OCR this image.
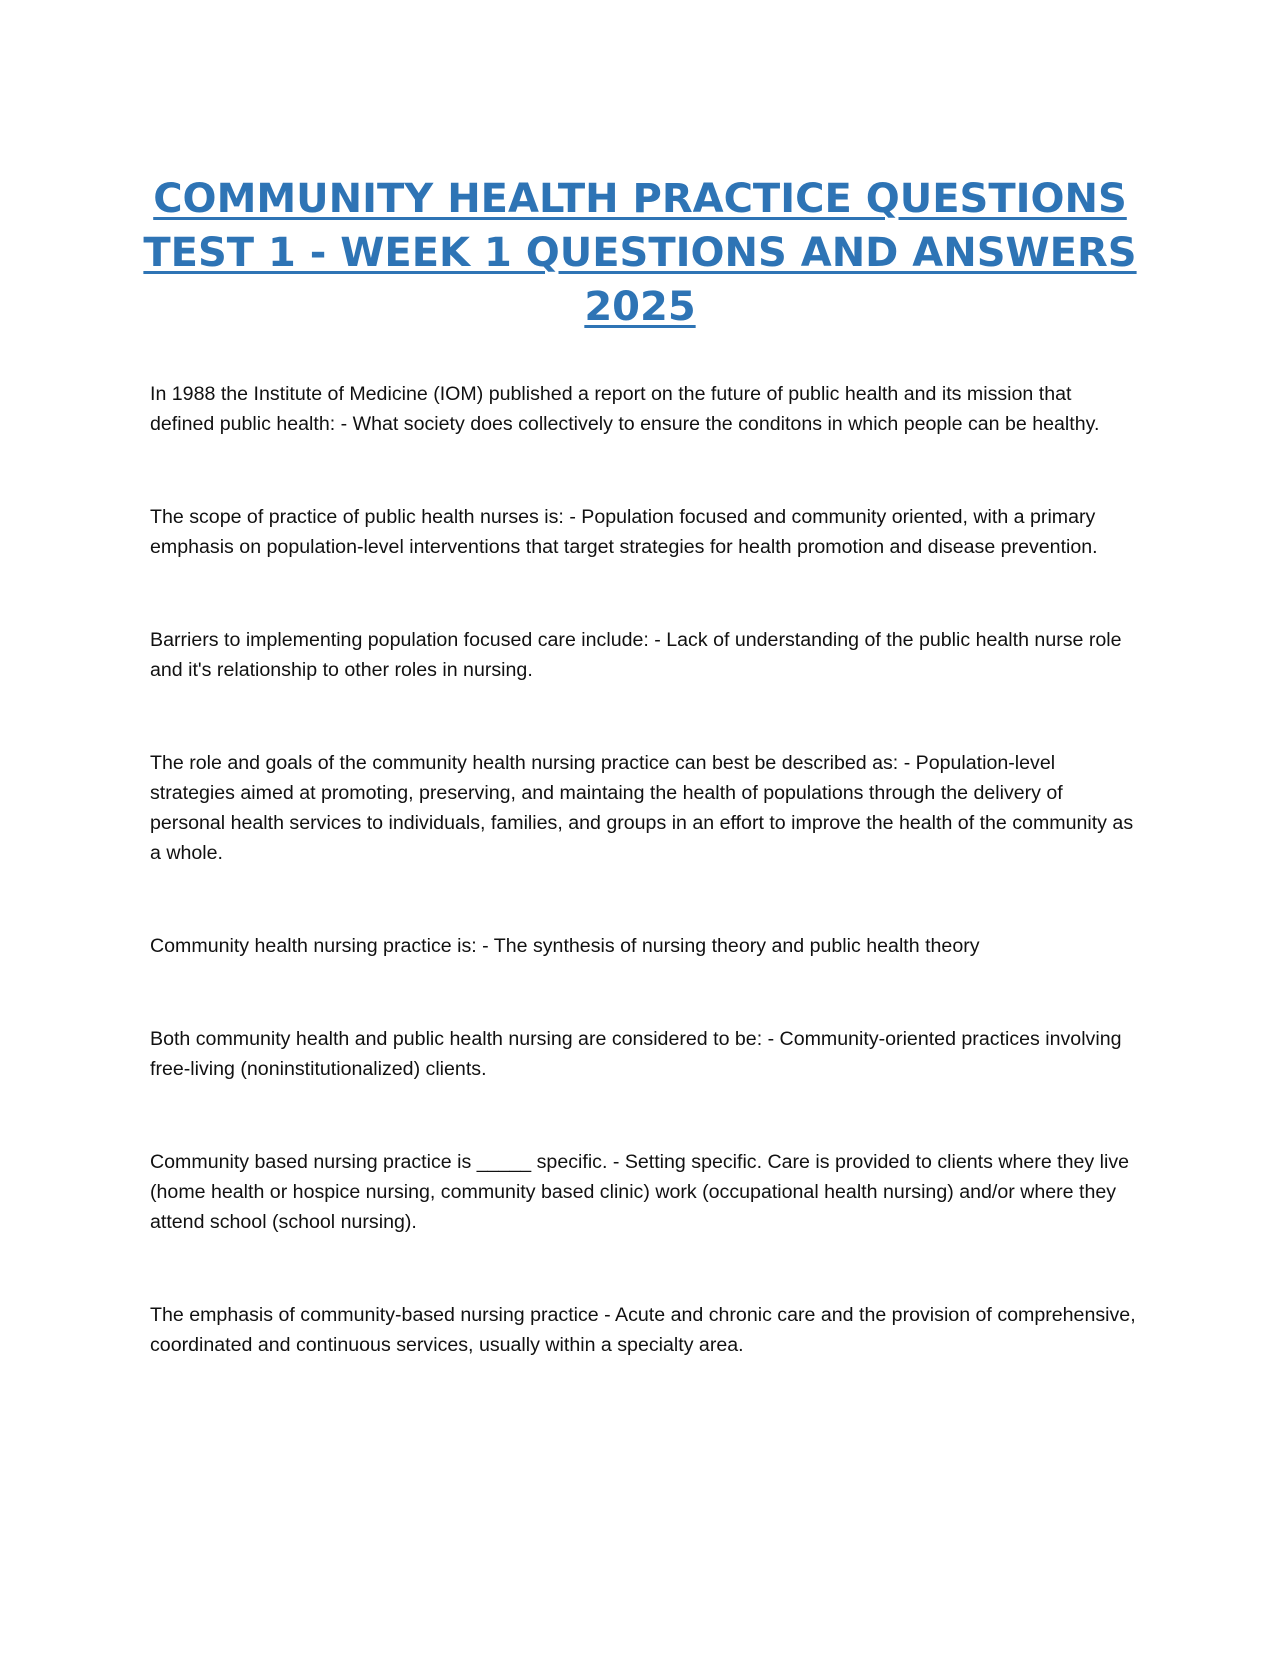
COMMUNITY HEALTH PRACTICE QUESTIONS TEST 1 - WEEK 1 QUESTIONS AND ANSWERS 2025

In 1988 the Institute of Medicine (IOM) published a report on the future of public health and its mission that defined public health: - What society does collectively to ensure the conditons in which people can be healthy.

The scope of practice of public health nurses is: - Population focused and community oriented, with a primary emphasis on population-level interventions that target strategies for health promotion and disease prevention.

Barriers to implementing population focused care include: - Lack of understanding of the public health nurse role and it's relationship to other roles in nursing.

The role and goals of the community health nursing practice can best be described as: - Population-level strategies aimed at promoting, preserving, and maintaing the health of populations through the delivery of personal health services to individuals, families, and groups in an effort to improve the health of the community as a whole.

Community health nursing practice is: - The synthesis of nursing theory and public health theory

Both community health and public health nursing are considered to be: - Community-oriented practices involving free-living (noninstitutionalized) clients.

Community based nursing practice is _____ specific. - Setting specific. Care is provided to clients where they live (home health or hospice nursing, community based clinic) work (occupational health nursing) and/or where they attend school (school nursing).

The emphasis of community-based nursing practice - Acute and chronic care and the provision of comprehensive, coordinated and continuous services, usually within a specialty area.
